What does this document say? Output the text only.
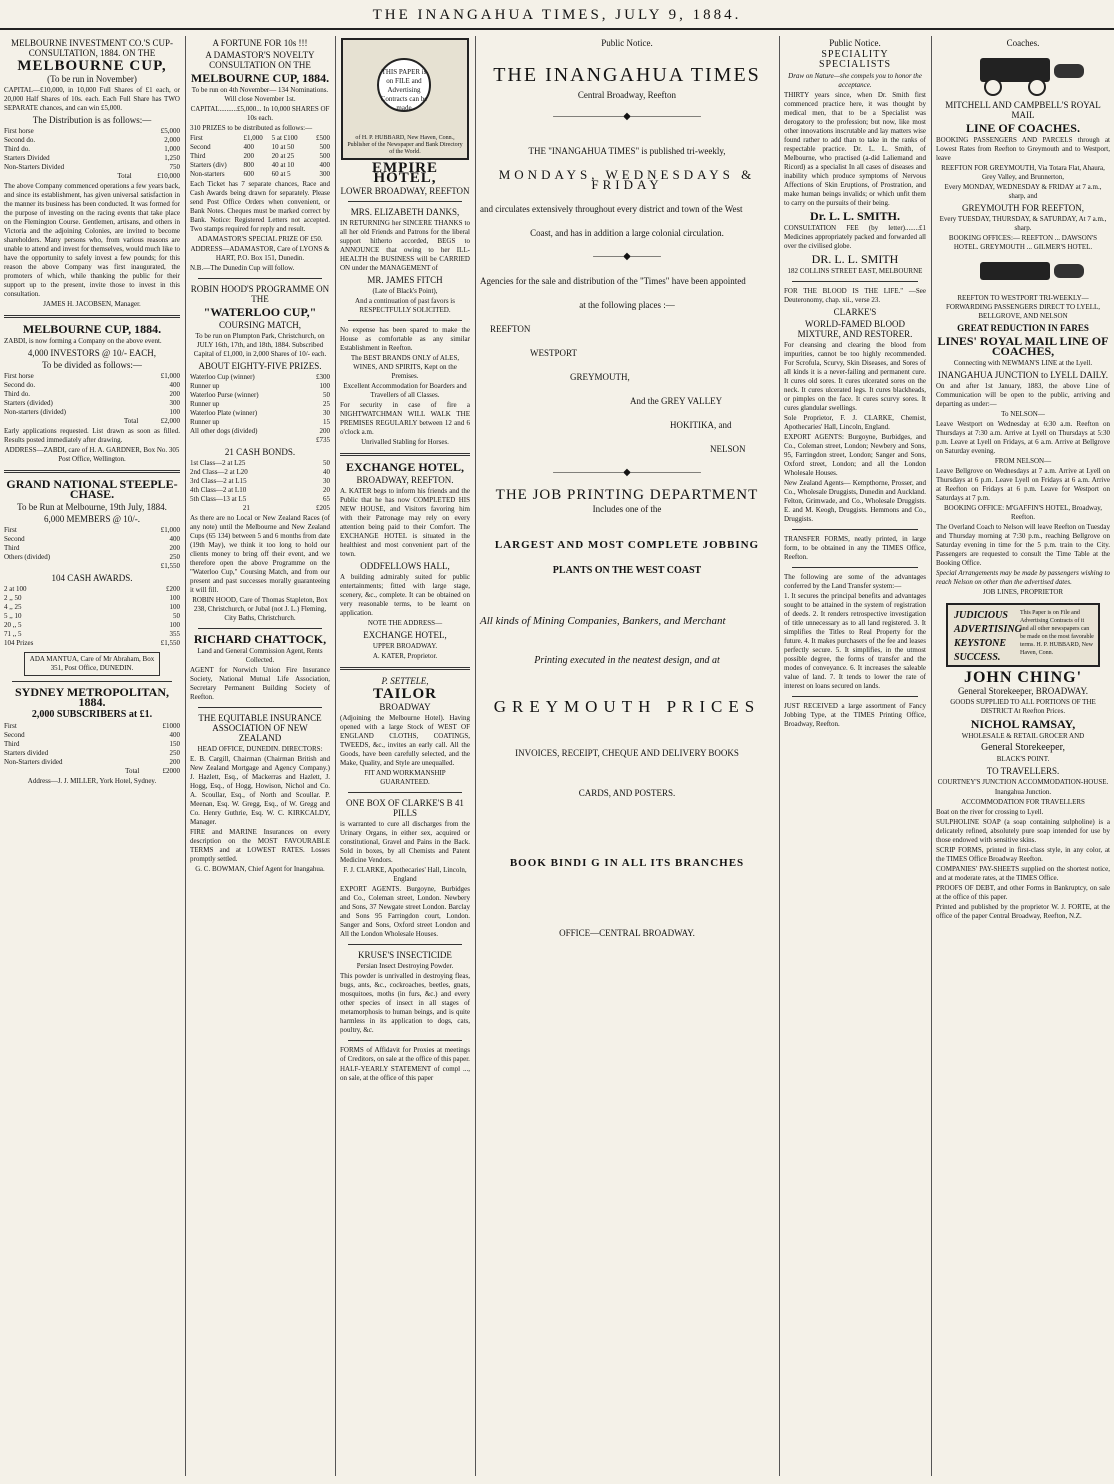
THE INANGAHUA TIMES, JULY 9, 1884.
MELBOURNE INVESTMENT CO.'S CUP-CONSULTATION, 1884. ON THE
MELBOURNE CUP,
(To be run in November)
CAPITAL—£10,000, in 10,000 Full Shares of £1 each, or 20,000 Half Shares of 10s. each. Each Full Share has TWO SEPARATE chances, and can win £5,000.
The Distribution is as follows:—
First horse	£5,000
Second do.	2,000
Third do.	1,000
Starters Divided	1,250
Non-Starters Divided	750
Total	£10,000
The above Company commenced operations a few years back, and since its establishment, has given universal satisfaction in the manner its business has been conducted. It was formed for the purpose of investing on the racing events that take place on the Flemington Course. Gentlemen, artisans, and others in Victoria and the adjoining Colonies, are invited to become shareholders. Many persons who, from various reasons are unable to attend and invest for themselves, would much like to have the opportunity to safely invest a few pounds; for this reason the above Company was first inaugurated, the promoters of which, while thanking the public for their support up to the present, invite those to invest in this consultation.
JAMES H. JACOBSEN, Manager.
MELBOURNE CUP, 1884.
ZABDI, is now forming a Company on the above event.
4,000 INVESTORS @ 10/- EACH,
To be divided as follows:—
First horse	£1,000
Second do.	400
Third do.	200
Starters (divided)	300
Non-starters (divided)	100
Total	£2,000
Early applications requested. List drawn as soon as filled. Results posted immediately after drawing.
ADDRESS—ZABDI, care of H. A. GARDNER, Box No. 305 Post Office, Wellington.
GRAND NATIONAL STEEPLE-CHASE.
To be Run at Melbourne, 19th July, 1884.
6,000 MEMBERS @ 10/-.
First	£1,000
Second	400
Third	200
Others (divided)	250
	£1,550
104 CASH AWARDS.
2 at 100	£200
2 ,, 50	100
4 ,, 25	100
5 ,, 10	50
20 ,, 5	100
71 ,, 5	355
104 Prizes	£1,550
ADA MANTUA, Care of Mr Abraham, Box 351, Post Office, DUNEDIN.
SYDNEY METROPOLITAN, 1884.
2,000 SUBSCRIBERS at £1.
First	£1000
Second	400
Third	150
Starters divided	250
Non-Starters divided	200
Total	£2000
Address—J. J. MILLER, York Hotel, Sydney.
A FORTUNE FOR 10s !!!
A DAMASTOR'S NOVELTY CONSULTATION ON THE
MELBOURNE CUP, 1884.
To be run on 4th November— 134 Nominations. Will close November 1st.
CAPITAL..........£5,000... In 10,000 SHARES OF 10s each.
310 PRIZES to be distributed as follows:—
First	£1,000	5 at £100	£500
Second	400	10 at 50	500
Third	200	20 at 25	500
Starters (div)	800	40 at 10	400
Non-starters	600	60 at 5	300
Each Ticket has 7 separate chances, Race and Cash Awards being drawn for separately. Please send Post Office Orders when convenient, or Bank Notes. Cheques must be marked correct by Bank. Notice: Registered Letters not accepted. Two stamps required for reply and result.
ADAMASTOR'S SPECIAL PRIZE OF £50.
ADDRESS—ADAMASTOR, Care of LYONS & HART, P.O. Box 151, Dunedin.
N.B.—The Dunedin Cup will follow.
ROBIN HOOD'S PROGRAMME ON THE
"WATERLOO CUP,"
COURSING MATCH,
To be run on Plumpton Park, Christchurch, on JULY 16th, 17th, and 18th, 1884. Subscribed Capital of £1,000, in 2,000 Shares of 10/- each.
ABOUT EIGHTY-FIVE PRIZES.
Waterloo Cup (winner)	£300
Runner up	100
Waterloo Purse (winner)	50
Runner up	25
Waterloo Plate (winner)	30
Runner up	15
All other dogs (divided)	200
	£735
21 CASH BONDS.
1st Class—2 at L25	50
2nd Class—2 at L20	40
3rd Class—2 at L15	30
4th Class—2 at L10	20
5th Class—13 at L5	65
21	£205
As there are no Local or New Zealand Races (of any note) until the Melbourne and New Zealand Cups (65 134) between 5 and 6 months from date (19th May), we think it too long to hold our clients money to bring off their event, and we therefore open the above Programme on the "Waterloo Cup," Coursing Match, and from our present and past successes morally guaranteeing it will fill.
ROBIN HOOD, Care of Thomas Stapleton, Box 238, Christchurch, or Jubal (not J. L.) Fleming, City Baths, Christchurch.
RICHARD CHATTOCK,
Land and General Commission Agent, Rents Collected.
AGENT for Norwich Union Fire Insurance Society, National Mutual Life Association, Secretary Permanent Building Society of Reefton.
THE EQUITABLE INSURANCE ASSOCIATION OF NEW ZEALAND
HEAD OFFICE, DUNEDIN. DIRECTORS:
E. B. Cargill, Chairman (Chairman British and New Zealand Mortgage and Agency Company.) J. Hazlett, Esq., of Mackerras and Hazlett, J. Hogg, Esq., of Hogg, Howison, Nichol and Co. A. Scoullar, Esq., of North and Scoullar. P. Meenan, Esq. W. Gregg, Esq., of W. Gregg and Co. Henry Guthrie, Esq. W. C. KIRKCALDY, Manager.
FIRE and MARINE Insurances on every description on the MOST FAVOURABLE TERMS and at LOWEST RATES. Losses promptly settled.
G. C. BOWMAN, Chief Agent for Inangahua.
THIS PAPER is on FILE and Advertising Contracts can be made
of H. P. HUBBARD, New Haven, Conn., Publisher of the Newspaper and Bank Directory of the World.
EMPIRE HOTEL,
LOWER BROADWAY, REEFTON
MRS. ELIZABETH DANKS,
IN RETURNING her SINCERE THANKS to all her old Friends and Patrons for the liberal support hitherto accorded, BEGS to ANNOUNCE that owing to her ILL-HEALTH the BUSINESS will be CARRIED ON under the MANAGEMENT of
MR. JAMES FITCH
(Late of Black's Point),
And a continuation of past favors is RESPECTFULLY SOLICITED.
No expense has been spared to make the House as comfortable as any similar Establishment in Reefton.
The BEST BRANDS ONLY of ALES, WINES, AND SPIRITS, Kept on the Premises.
Excellent Accommodation for Boarders and Travellers of all Classes.
For security in case of fire a NIGHTWATCHMAN WILL WALK THE PREMISES REGULARLY between 12 and 6 o'clock a.m.
Unrivalled Stabling for Horses.
EXCHANGE HOTEL,
BROADWAY, REEFTON.
A. KATER begs to inform his friends and the Public that he has now COMPLETED HIS NEW HOUSE, and Visitors favoring him with their Patronage may rely on every attention being paid to their Comfort. The EXCHANGE HOTEL is situated in the healthiest and most convenient part of the town.
ODDFELLOWS HALL,
A building admirably suited for public entertainments; fitted with large stage, scenery, &c., complete. It can be obtained on very reasonable terms, to be learnt on application.
NOTE THE ADDRESS—
EXCHANGE HOTEL,
UPPER BROADWAY.
A. KATER, Proprietor.
P. SETTELE,
TAILOR
BROADWAY
(Adjoining the Melbourne Hotel). Having opened with a large Stock of WEST OF ENGLAND CLOTHS, COATINGS, TWEEDS, &c., invites an early call. All the Goods, have been carefully selected, and the Make, Quality, and Style are unequalled.
FIT AND WORKMANSHIP GUARANTEED.
ONE BOX OF CLARKE'S B 41 PILLS
is warranted to cure all discharges from the Urinary Organs, in either sex, acquired or constitutional, Gravel and Pains in the Back. Sold in boxes, by all Chemists and Patent Medicine Vendors.
F. J. CLARKE, Apothecaries' Hall, Lincoln, England
EXPORT AGENTS. Burgoyne, Burbidges and Co., Coleman street, London. Newbery and Sons, 37 Newgate street London. Barclay and Sons 95 Farringdon court, London. Sanger and Sons, Oxford street London and All the London Wholesale Houses.
KRUSE'S INSECTICIDE
Persian Insect Destroying Powder.
This powder is unrivalled in destroying fleas, bugs, ants, &c., cockroaches, beetles, gnats, mosquitoes, moths (in furs, &c.) and every other species of insect in all stages of metamorphosis to human beings, and is quite harmless in its application to dogs, cats, poultry, &c.
FORMS of Affidavit for Proxies at meetings of Creditors, on sale at the office of this paper.
HALF-YEARLY STATEMENT of compl ..., on sale, at the office of this paper
Public Notice.
THE INANGAHUA TIMES
Central Broadway, Reefton
———————◆———————
THE "INANGAHUA TIMES" is published tri-weekly,
MONDAYS, WEDNESDAYS & FRIDAY
and circulates extensively throughout every district and town of the West
Coast, and has in addition a large colonial circulation.
———◆———
Agencies for the sale and distribution of the "Times" have been appointed
at the following places :—
REEFTON
WESTPORT
GREYMOUTH,
And the GREY VALLEY
HOKITIKA, and
NELSON
———————◆———————
THE JOB PRINTING DEPARTMENT
Includes one of the
LARGEST AND MOST COMPLETE JOBBING
PLANTS ON THE WEST COAST
All kinds of Mining Companies, Bankers, and Merchant
Printing executed in the neatest design, and at
GREYMOUTH PRICES
INVOICES, RECEIPT, CHEQUE AND DELIVERY BOOKS
CARDS, AND POSTERS.
BOOK BINDI G IN ALL ITS BRANCHES
OFFICE—CENTRAL BROADWAY.
Public Notice.
SPECIALITY SPECIALISTS
Draw on Nature—she compels you to honor the acceptance.
THIRTY years since, when Dr. Smith first commenced practice here, it was thought by medical men, that to be a Specialist was derogatory to the profession; but now, like most other innovations inscrutable and lay matters wise found rather to add than to take in the ranks of respectable practice. Dr. L. L. Smith, of Melbourne, who practised (a-did Laliemand and Ricord) as a specialist In all cases of diseases and inability which produce symptoms of Nervous Affections of Skin Eruptions, of Prostration, and make human beings invalids; or which unfit them to carry on the pursuits of their being.
Dr. L. L. SMITH.
CONSULTATION FEE (by letter)........£1 Medicines appropriately packed and forwarded all over the civilised globe.
DR. L. L. SMITH
182 COLLINS STREET EAST, MELBOURNE
FOR THE BLOOD IS THE LIFE." —See Deuteronomy, chap. xii., verse 23.
CLARKE'S
WORLD-FAMED BLOOD MIXTURE, AND RESTORER.
For cleansing and clearing the blood from impurities, cannot be too highly recommended. For Scrofula, Scurvy, Skin Diseases, and Sores of all kinds it is a never-failing and permanent cure. It cures old sores. It cures ulcerated sores on the neck. It cures ulcerated legs. It cures blackheads, or pimples on the face. It cures scurvy sores. It cures glandular swellings.
Sole Proprietor, F. J. CLARKE, Chemist, Apothecaries' Hall, Lincoln, England.
EXPORT AGENTS: Burgoyne, Burbidges, and Co., Coleman street, London; Newbery and Sons, 95, Farringdon street, London; Sanger and Sons, Oxford street, London; and all the London Wholesale Houses.
New Zealand Agents— Kempthorne, Prosser, and Co., Wholesale Druggists, Dunedin and Auckland. Felton, Grimwade, and Co., Wholesale Druggists. E. and M. Keogh, Druggists. Hemmons and Co., Druggists.
TRANSFER FORMS, neatly printed, in large form, to be obtained in any the TIMES Office, Reefton.
The following are some of the advantages conferred by the Land Transfer system:—
1. It secures the principal benefits and advantages sought to be attained in the system of registration of deeds. 2. It renders retrospective investigation of title unnecessary as to all land registered. 3. It simplifies the Titles to Real Property for the future. 4. It makes purchasers of the fee and leases perfectly secure. 5. It simplifies, in the utmost possible degree, the forms of transfer and the modes of conveyance. 6. It increases the saleable value of land. 7. It tends to lower the rate of interest on loans secured on lands.
JUST RECEIVED a large assortment of Fancy Jobbing Type, at the TIMES Printing Office, Broadway, Reefton.
Coaches.
MITCHELL AND CAMPBELL'S ROYAL MAIL
LINE OF COACHES.
BOOKING PASSENGERS AND PARCELS through at Lowest Rates from Reefton to Greymouth and to Westport, leave
REEFTON FOR GREYMOUTH, Via Totara Flat, Ahaura, Grey Valley, and Brunnerton,
Every MONDAY, WEDNESDAY & FRIDAY at 7 a.m., sharp, and
GREYMOUTH FOR REEFTON,
Every TUESDAY, THURSDAY, & SATURDAY, At 7 a.m., sharp.
BOOKING OFFICES:— REEFTON ... DAWSON'S HOTEL. GREYMOUTH ... GILMER'S HOTEL.
REEFTON TO WESTPORT TRI-WEEKLY—FORWARDING PASSENGERS DIRECT TO LYELL, BELLGROVE, AND NELSON
GREAT REDUCTION IN FARES
LINES' ROYAL MAIL LINE OF COACHES,
Connecting with NEWMAN'S LINE at the Lyell.
INANGAHUA JUNCTION to LYELL DAILY.
On and after 1st January, 1883, the above Line of Communication will be open to the public, arriving and departing as under:—
To NELSON—
Leave Westport on Wednesday at 6:30 a.m. Reefton on Thursdays at 7:30 a.m. Arrive at Lyell on Thursdays at 5:30 p.m. Leave at Lyell on Fridays, at 6 a.m. Arrive at Bellgrove on Saturday evening.
FROM NELSON—
Leave Bellgrove on Wednesdays at 7 a.m. Arrive at Lyell on Thursdays at 6 p.m. Leave Lyell on Fridays at 6 a.m. Arrive at Reefton on Fridays at 6 p.m. Leave for Westport on Saturdays at 7 p.m.
BOOKING OFFICE: M'GAFFIN'S HOTEL, Broadway, Reefton.
The Overland Coach to Nelson will leave Reefton on Tuesday and Thursday morning at 7:30 p.m., reaching Bellgrove on Saturday evening in time for the 5 p.m. train to the City. Passengers are requested to consult the Time Table at the Booking Office.
Special Arrangements may be made by passengers wishing to reach Nelson on other than the advertised dates.
JOB LINES, PROPRIETOR
JUDICIOUS ADVERTISING KEYSTONE SUCCESS.
This Paper is on File and Advertising Contracts of it and all other newspapers can be made on the most favorable terms. H. P. HUBBARD, New Haven, Conn.
JOHN CHING'
General Storekeeper, BROADWAY.
GOODS SUPPLIED TO ALL PORTIONS OF THE DISTRICT At Reefton Prices.
NICHOL RAMSAY,
WHOLESALE & RETAIL GROCER AND
General Storekeeper,
BLACK'S POINT.
TO TRAVELLERS.
COURTNEY'S JUNCTION ACCOMMODATION-HOUSE.
Inangahua Junction.
ACCOMMODATION FOR TRAVELLERS
Boat on the river for crossing to Lyell.
SULPHOLINE SOAP (a soap containing sulpholine) is a delicately refined, absolutely pure soap intended for use by those endowed with sensitive skins.
SCRIP FORMS, printed in first-class style, in any color, at the TIMES Office Broadway Reefton.
COMPANIES' PAY-SHEETS supplied on the shortest notice, and at moderate rates, at the TIMES Office.
PROOFS OF DEBT, and other Forms in Bankruptcy, on sale at the office of this paper.
Printed and published by the proprietor W. J. FORTE, at the office of the paper Central Broadway, Reefton, N.Z.
